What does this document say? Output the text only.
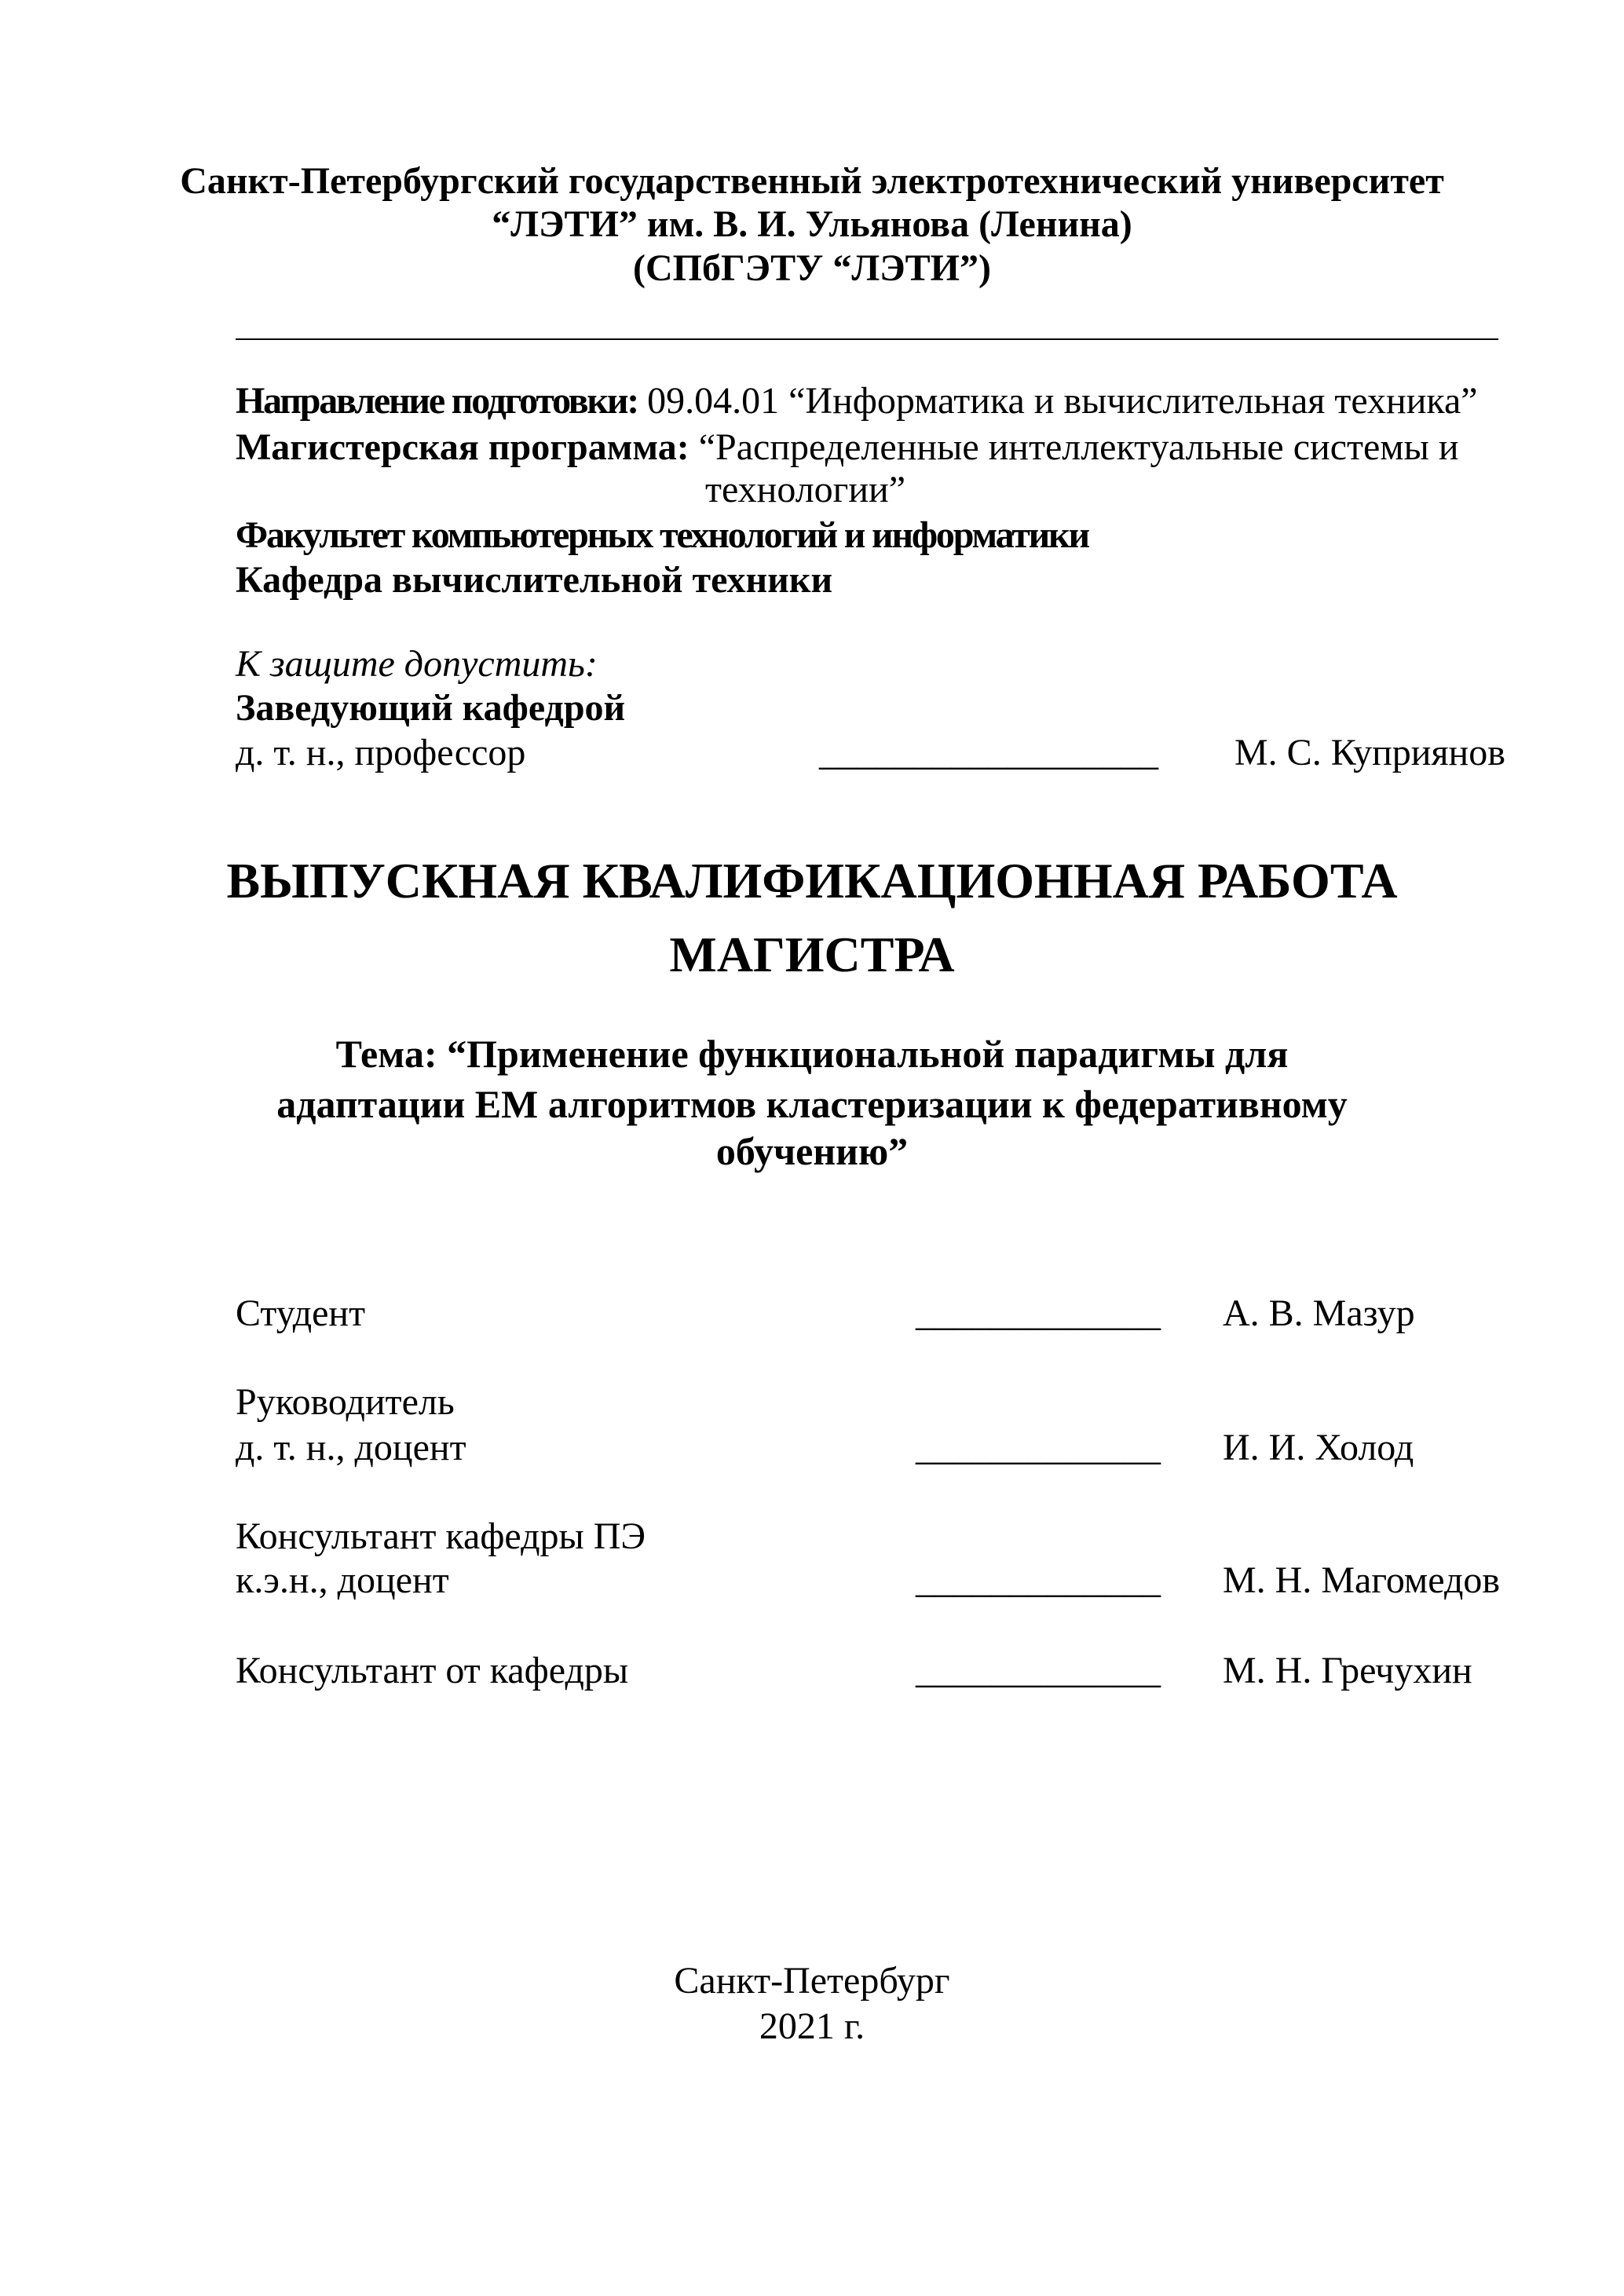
Санкт-Петербургский государственный электротехнический университет
“ЛЭТИ” им. В. И. Ульянова (Ленина)
(СПбГЭТУ “ЛЭТИ”)
Направление подготовки: 09.04.01 “Информатика и вычислительная техника”
Магистерская программа: “Распределенные интеллектуальные системы и
технологии”
Факультет компьютерных технологий и информатики
Кафедра вычислительной техники
К защите допустить:
Заведующий кафедрой
д. т. н., профессор	__________________ М. С. Куприянов
ВЫПУСКНАЯ КВАЛИФИКАЦИОННАЯ РАБОТА
МАГИСТРА
Тема: “Применение функциональной парадигмы для
адаптации ЕМ алгоритмов кластеризации к федеративному
обучению”
Студент	_____________ А. В. Мазур
Руководитель
д. т. н., доцент	_____________ И. И. Холод
Консультант кафедры ПЭ
к.э.н., доцент	_____________ М. Н. Магомедов
Консультант от кафедры	_____________ М. Н. Гречухин
Санкт-Петербург
2021 г.
